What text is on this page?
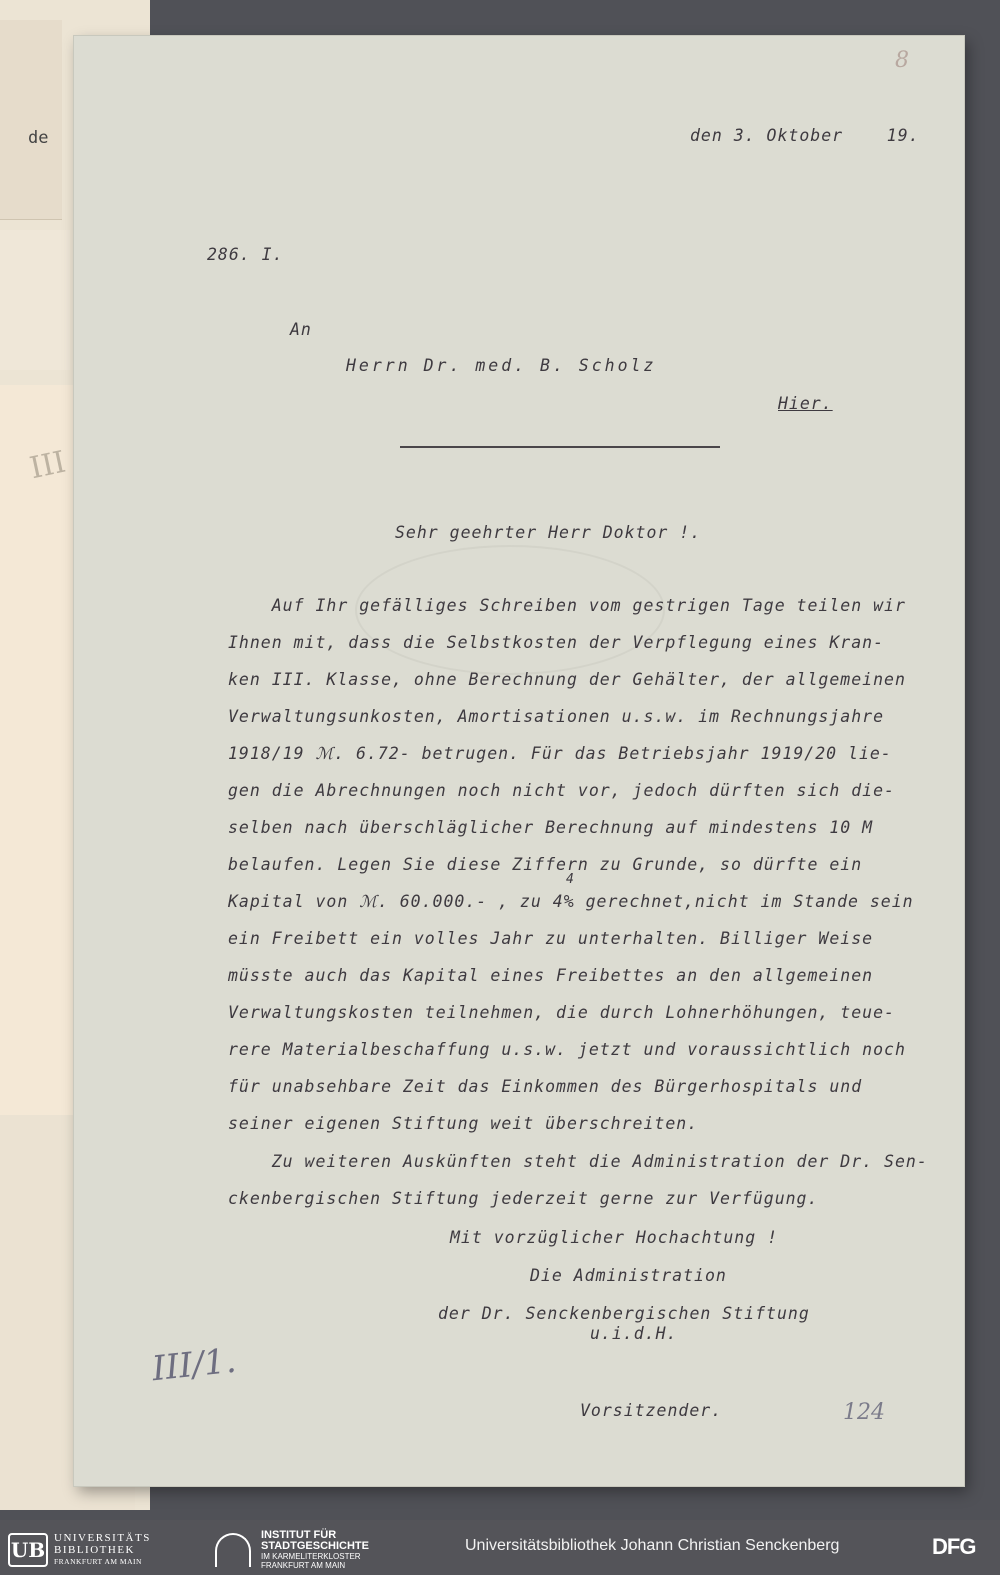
de
III
8
den 3. Oktober    19.
286. I.
An
Herrn Dr. med. B. Scholz
Hier.
Sehr geehrter Herr Doktor !.
Auf Ihr gefälliges Schreiben vom gestrigen Tage teilen wir
Ihnen mit, dass die Selbstkosten der Verpflegung eines Kran-
ken III. Klasse, ohne Berechnung der Gehälter, der allgemeinen
Verwaltungsunkosten, Amortisationen u.s.w. im Rechnungsjahre
1918/19 ℳ. 6.72- betrugen. Für das Betriebsjahr 1919/20 lie-
gen die Abrechnungen noch nicht vor, jedoch dürften sich die-
selben nach überschläglicher Berechnung auf mindestens 10 M
belaufen. Legen Sie diese Ziffern zu Grunde, so dürfte ein
Kapital von ℳ. 60.000.- , zu 4% gerechnet,nicht im Stande sein
ein Freibett ein volles Jahr zu unterhalten. Billiger Weise
müsste auch das Kapital eines Freibettes an den allgemeinen
Verwaltungskosten teilnehmen, die durch Lohnerhöhungen, teue-
rere Materialbeschaffung u.s.w. jetzt und voraussichtlich noch
für unabsehbare Zeit das Einkommen des Bürgerhospitals und
seiner eigenen Stiftung weit überschreiten.
Zu weiteren Auskünften steht die Administration der Dr. Sen-
ckenbergischen Stiftung jederzeit gerne zur Verfügung.
4
Mit vorzüglicher Hochachtung !
Die Administration
der Dr. Senckenbergischen Stiftung
u.i.d.H.
Vorsitzender.
III/1.
124
UB UNIVERSITÄTS
BIBLIOTHEK
FRANKFURT AM MAIN
INSTITUT FÜR
STADTGESCHICHTE
IM KARMELITERKLOSTER
FRANKFURT AM MAIN
Universitätsbibliothek Johann Christian Senckenberg	DFG
